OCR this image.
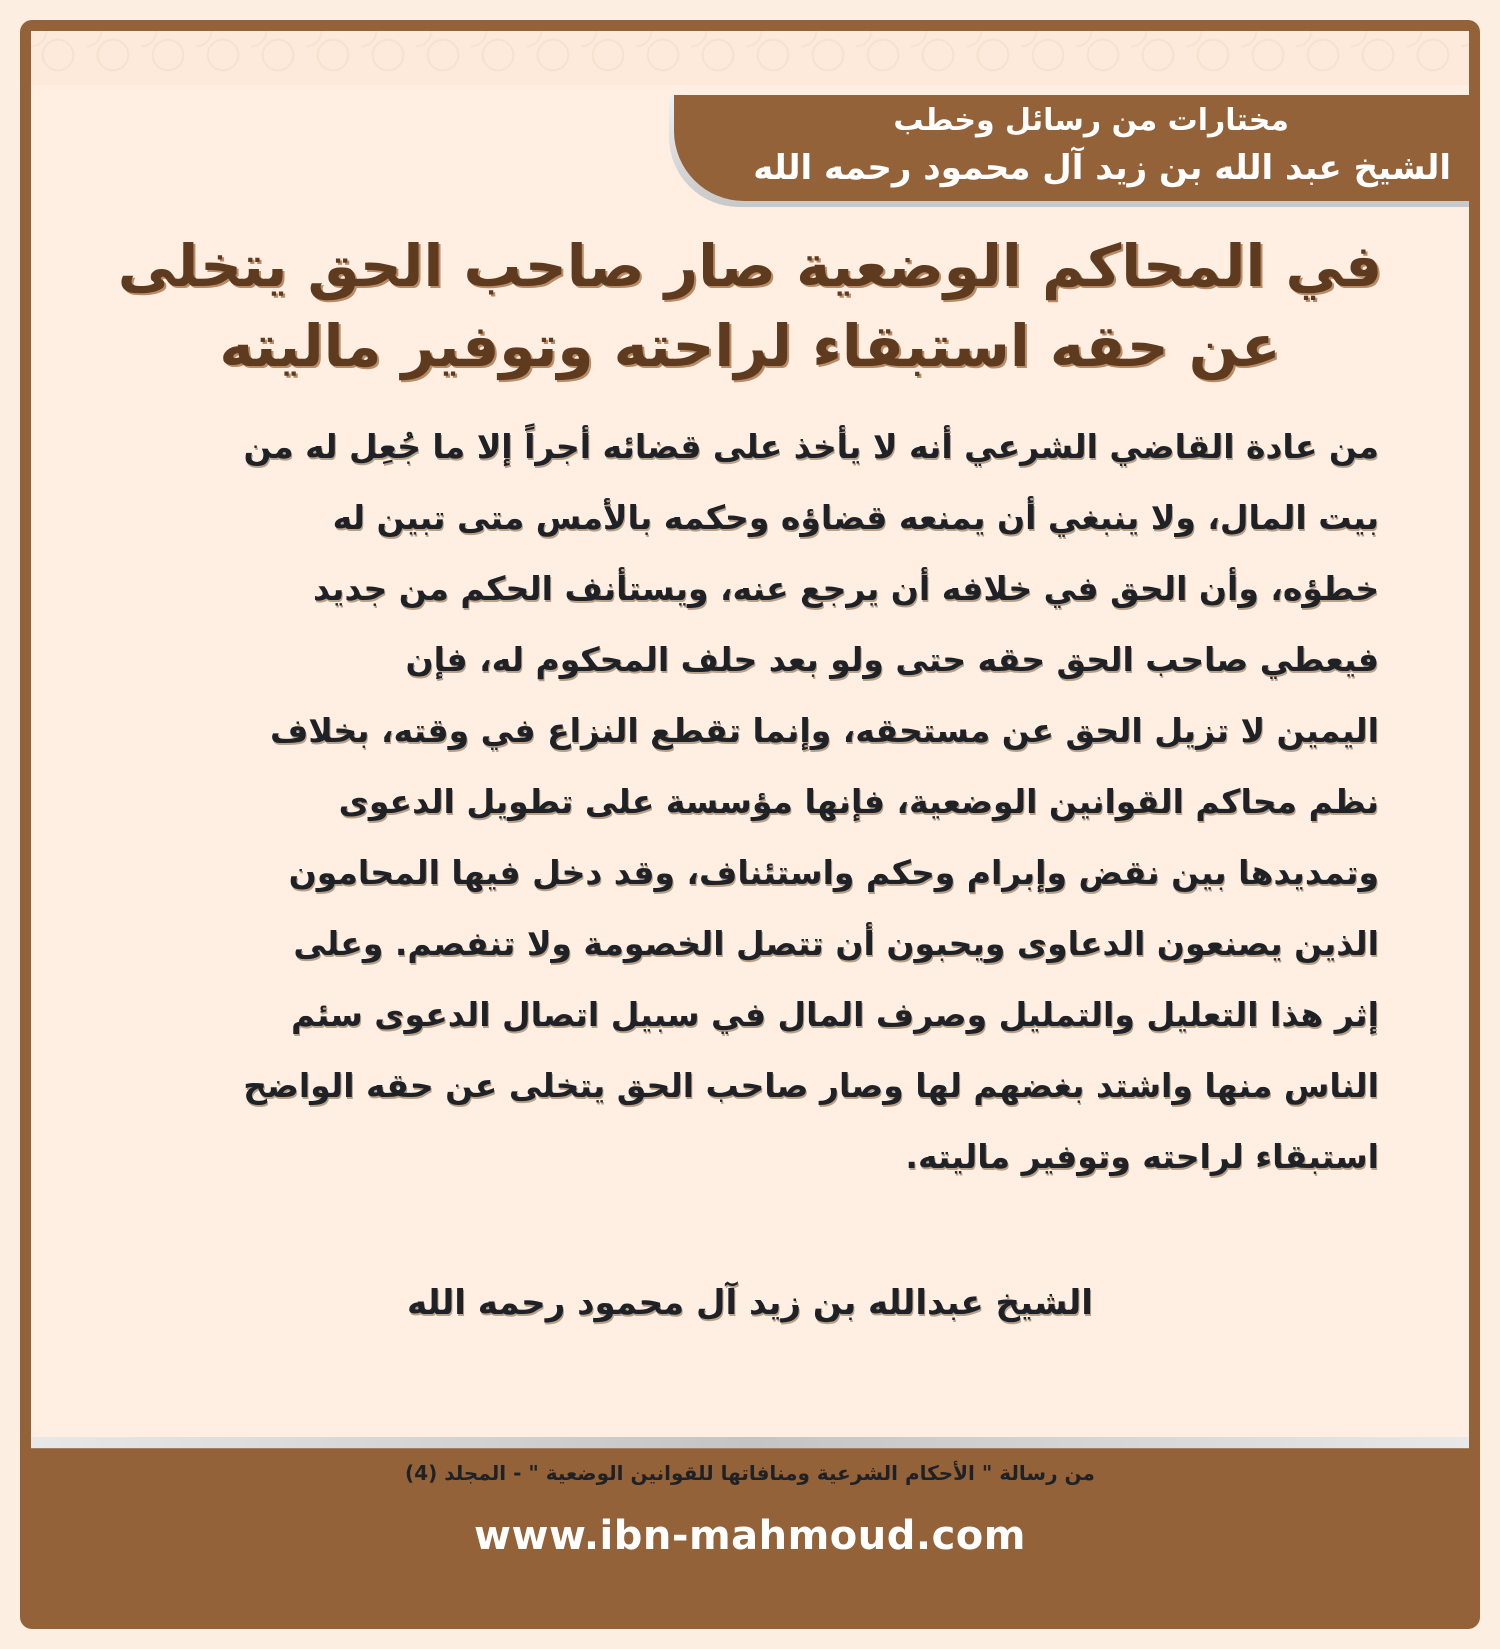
مختارات من رسائل وخطب
الشيخ عبد الله بن زيد آل محمود رحمه الله
في المحاكم الوضعية صار صاحب الحق يتخلى
عن حقه استبقاء لراحته وتوفير ماليته
من عادة القاضي الشرعي أنه لا يأخذ على قضائه أجراً إلا ما جُعِل له من
بيت المال، ولا ينبغي أن يمنعه قضاؤه وحكمه بالأمس متى تبين له
خطؤه، وأن الحق في خلافه أن يرجع عنه، ويستأنف الحكم من جديد
فيعطي صاحب الحق حقه حتى ولو بعد حلف المحكوم له، فإن
اليمين لا تزيل الحق عن مستحقه، وإنما تقطع النزاع في وقته، بخلاف
نظم محاكم القوانين الوضعية، فإنها مؤسسة على تطويل الدعوى
وتمديدها بين نقض وإبرام وحكم واستئناف، وقد دخل فيها المحامون
الذين يصنعون الدعاوى ويحبون أن تتصل الخصومة ولا تنفصم. وعلى
إثر هذا التعليل والتمليل وصرف المال في سبيل اتصال الدعوى سئم
الناس منها واشتد بغضهم لها وصار صاحب الحق يتخلى عن حقه الواضح
استبقاء لراحته وتوفير ماليته.
الشيخ عبدالله بن زيد آل محمود رحمه الله
من رسالة " الأحكام الشرعية ومنافاتها للقوانين الوضعية " - المجلد (4)
www.ibn-mahmoud.com
